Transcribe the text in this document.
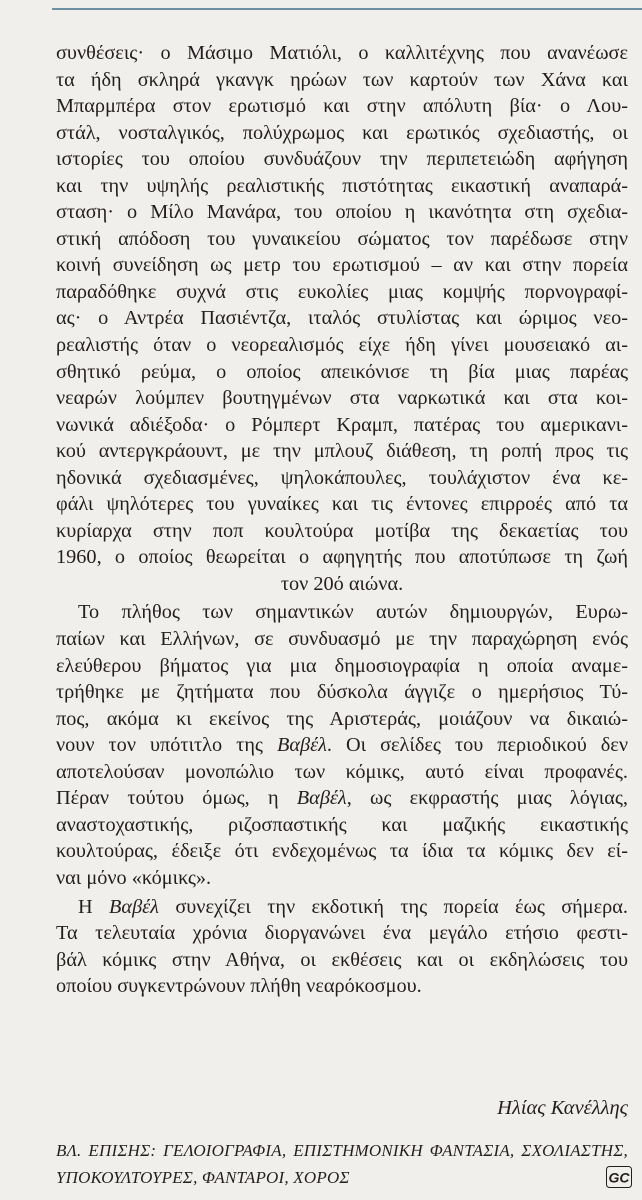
συνθέσεις· ο Μάσιμο Ματιόλι, ο καλλιτέχνης που ανανέωσε
τα ήδη σκληρά γκανγκ ηρώων των καρτούν των Χάνα και
Μπαρμπέρα στον ερωτισμό και στην απόλυτη βία· ο Λου-
στάλ, νοσταλγικός, πολύχρωμος και ερωτικός σχεδιαστής, οι
ιστορίες του οποίου συνδυάζουν την περιπετειώδη αφήγηση
και την υψηλής ρεαλιστικής πιστότητας εικαστική αναπαρά-
σταση· ο Μίλο Μανάρα, του οποίου η ικανότητα στη σχεδια-
στική απόδοση του γυναικείου σώματος τον παρέδωσε στην
κοινή συνείδηση ως μετρ του ερωτισμού – αν και στην πορεία
παραδόθηκε συχνά στις ευκολίες μιας κομψής πορνογραφί-
ας· ο Αντρέα Πασιέντζα, ιταλός στυλίστας και ώριμος νεο-
ρεαλιστής όταν ο νεορεαλισμός είχε ήδη γίνει μουσειακό αι-
σθητικό ρεύμα, ο οποίος απεικόνισε τη βία μιας παρέας
νεαρών λούμπεν βουτηγμένων στα ναρκωτικά και στα κοι-
νωνικά αδιέξοδα· ο Ρόμπερτ Κραμπ, πατέρας του αμερικανι-
κού αντεργκράουντ, με την μπλουζ διάθεση, τη ροπή προς τις
ηδονικά σχεδιασμένες, ψηλοκάπουλες, τουλάχιστον ένα κε-
φάλι ψηλότερες του γυναίκες και τις έντονες επιρροές από τα
κυρίαρχα στην ποπ κουλτούρα μοτίβα της δεκαετίας του
1960, ο οποίος θεωρείται ο αφηγητής που αποτύπωσε τη ζωή
τον 20ό αιώνα.

Το πλήθος των σημαντικών αυτών δημιουργών, Ευρω-
παίων και Ελλήνων, σε συνδυασμό με την παραχώρηση ενός
ελεύθερου βήματος για μια δημοσιογραφία η οποία αναμε-
τρήθηκε με ζητήματα που δύσκολα άγγιζε ο ημερήσιος Τύ-
πος, ακόμα κι εκείνος της Αριστεράς, μοιάζουν να δικαιώ-
νουν τον υπότιτλο της Βαβέλ. Οι σελίδες του περιοδικού δεν
αποτελούσαν μονοπώλιο των κόμικς, αυτό είναι προφανές.
Πέραν τούτου όμως, η Βαβέλ, ως εκφραστής μιας λόγιας,
αναστοχαστικής, ριζοσπαστικής και μαζικής εικαστικής
κουλτούρας, έδειξε ότι ενδεχομένως τα ίδια τα κόμικς δεν εί-
ναι μόνο «κόμικς».

Η Βαβέλ συνεχίζει την εκδοτική της πορεία έως σήμερα.
Τα τελευταία χρόνια διοργανώνει ένα μεγάλο ετήσιο φεστι-
βάλ κόμικς στην Αθήνα, οι εκθέσεις και οι εκδηλώσεις του
οποίου συγκεντρώνουν πλήθη νεαρόκοσμου.

Ηλίας Κανέλλης
ΒΛ. ΕΠΙΣΗΣ: ΓΕΛΟΙΟΓΡΑΦΙΑ, ΕΠΙΣΤΗΜΟΝΙΚΗ ΦΑΝΤΑΣΙΑ, ΣΧΟΛΙΑΣΤΗΣ,
ΥΠΟΚΟΥΛΤΟΥΡΕΣ, ΦΑΝΤΑΡΟΙ, ΧΟΡΟΣ	GC
